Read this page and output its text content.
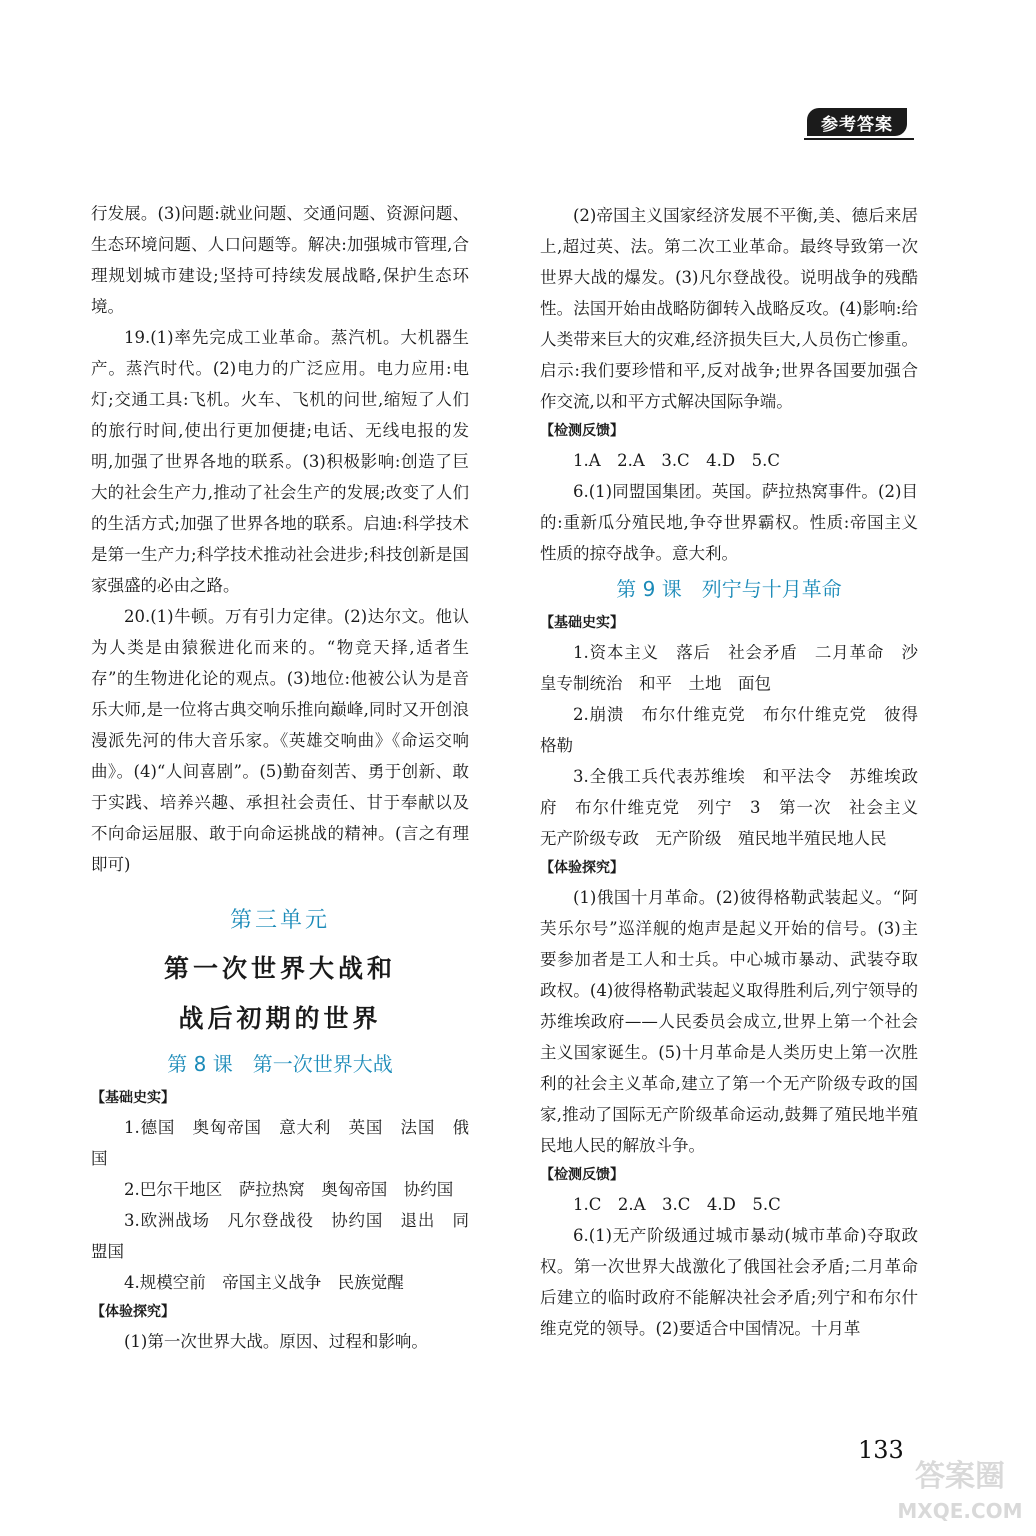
参考答案

行发展。(3)问题:就业问题、交通问题、资源问题、生态环境问题、人口问题等。解决:加强城市管理,合理规划城市建设;坚持可持续发展战略,保护生态环境。

19.(1)率先完成工业革命。蒸汽机。大机器生产。蒸汽时代。(2)电力的广泛应用。电力应用:电灯;交通工具:飞机。火车、飞机的问世,缩短了人们的旅行时间,使出行更加便捷;电话、无线电报的发明,加强了世界各地的联系。(3)积极影响:创造了巨大的社会生产力,推动了社会生产的发展;改变了人们的生活方式;加强了世界各地的联系。启迪:科学技术是第一生产力;科学技术推动社会进步;科技创新是国家强盛的必由之路。

20.(1)牛顿。万有引力定律。(2)达尔文。他认为人类是由猿猴进化而来的。“物竞天择,适者生存”的生物进化论的观点。(3)地位:他被公认为是音乐大师,是一位将古典交响乐推向巅峰,同时又开创浪漫派先河的伟大音乐家。《英雄交响曲》《命运交响曲》。(4)“人间喜剧”。(5)勤奋刻苦、勇于创新、敢于实践、培养兴趣、承担社会责任、甘于奉献以及不向命运屈服、敢于向命运挑战的精神。(言之有理即可)

第三单元

第一次世界大战和

战后初期的世界

第 8 课　第一次世界大战

【基础史实】

1.德国　奥匈帝国　意大利　英国　法国　俄国

2.巴尔干地区　萨拉热窝　奥匈帝国　协约国

3.欧洲战场　凡尔登战役　协约国　退出　同盟国

4.规模空前　帝国主义战争　民族觉醒

【体验探究】

(1)第一次世界大战。原因、过程和影响。

(2)帝国主义国家经济发展不平衡,美、德后来居上,超过英、法。第二次工业革命。最终导致第一次世界大战的爆发。(3)凡尔登战役。说明战争的残酷性。法国开始由战略防御转入战略反攻。(4)影响:给人类带来巨大的灾难,经济损失巨大,人员伤亡惨重。启示:我们要珍惜和平,反对战争;世界各国要加强合作交流,以和平方式解决国际争端。

【检测反馈】

1.A　2.A　3.C　4.D　5.C

6.(1)同盟国集团。英国。萨拉热窝事件。(2)目的:重新瓜分殖民地,争夺世界霸权。性质:帝国主义性质的掠夺战争。意大利。

第 9 课　列宁与十月革命

【基础史实】

1.资本主义　落后　社会矛盾　二月革命　沙皇专制统治　和平　土地　面包

2.崩溃　布尔什维克党　布尔什维克党　彼得格勒

3.全俄工兵代表苏维埃　和平法令　苏维埃政府　布尔什维克党　列宁　3　第一次　社会主义　无产阶级专政　无产阶级　殖民地半殖民地人民

【体验探究】

(1)俄国十月革命。(2)彼得格勒武装起义。“阿芙乐尔号”巡洋舰的炮声是起义开始的信号。(3)主要参加者是工人和士兵。中心城市暴动、武装夺取政权。(4)彼得格勒武装起义取得胜利后,列宁领导的苏维埃政府——人民委员会成立,世界上第一个社会主义国家诞生。(5)十月革命是人类历史上第一次胜利的社会主义革命,建立了第一个无产阶级专政的国家,推动了国际无产阶级革命运动,鼓舞了殖民地半殖民地人民的解放斗争。

【检测反馈】

1.C　2.A　3.C　4.D　5.C

6.(1)无产阶级通过城市暴动(城市革命)夺取政权。第一次世界大战激化了俄国社会矛盾;二月革命后建立的临时政府不能解决社会矛盾;列宁和布尔什维克党的领导。(2)要适合中国情况。十月革

133
答案圈
MXQE.COM
